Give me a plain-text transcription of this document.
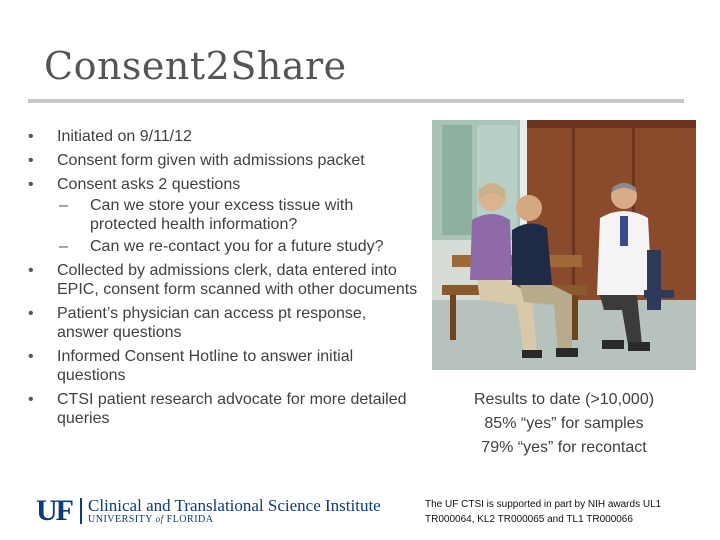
Consent2Share
• Initiated on 9/11/12
• Consent form given with admissions packet
• Consent asks 2 questions
– Can we store your excess tissue with protected health information?
– Can we re-contact you for a future study?
• Collected by admissions clerk, data entered into EPIC, consent form scanned with other documents
• Patient’s physician can access pt response, answer questions
• Informed Consent Hotline to answer initial questions
• CTSI patient research advocate for more detailed queries
Results to date (>10,000)
85% “yes” for samples
79% “yes” for recontact
UF Clinical and Translational Science Institute
UNIVERSITY of FLORIDA
The UF CTSI is supported in part by NIH awards UL1 TR000064, KL2 TR000065 and TL1 TR000066
